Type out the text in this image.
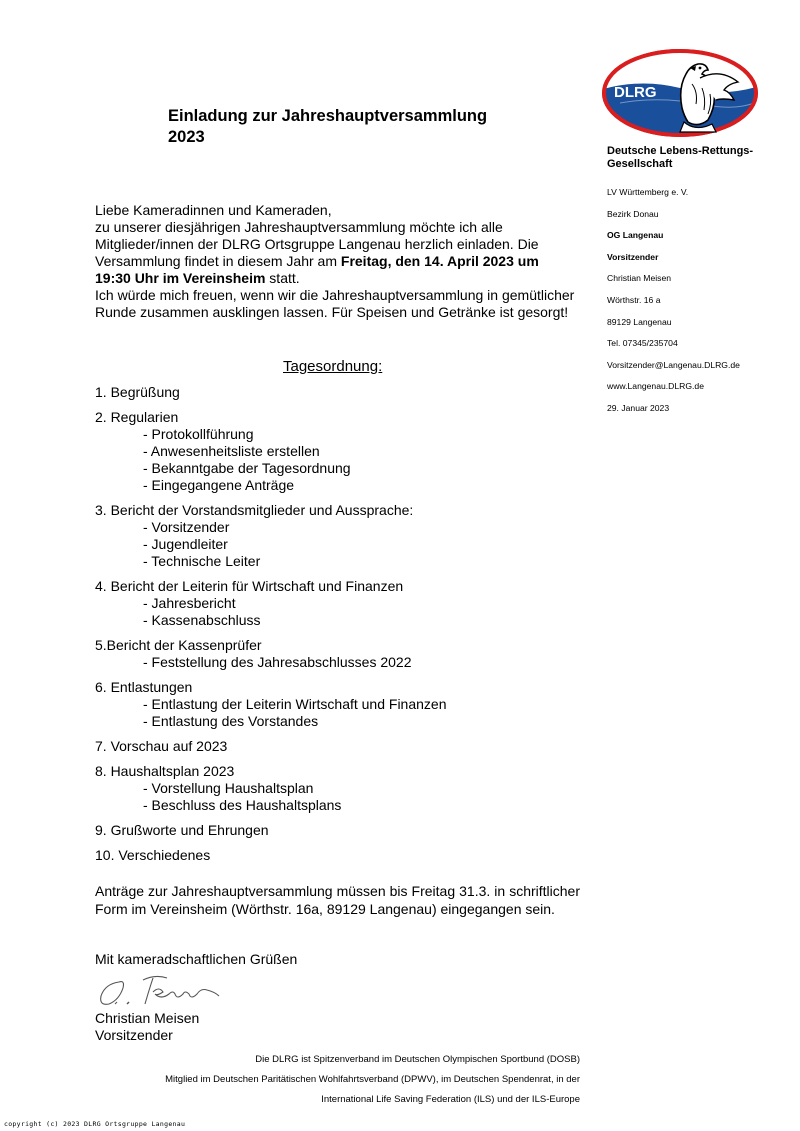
DLRG
Deutsche Lebens-Rettungs-
Gesellschaft
LV Württemberg e. V.
Bezirk Donau
OG Langenau
Vorsitzender
Christian Meisen
Wörthstr. 16 a
89129 Langenau
Tel. 07345/235704
Vorsitzender@Langenau.DLRG.de
www.Langenau.DLRG.de
29. Januar 2023
Einladung zur Jahreshauptversammlung
2023

Liebe Kameradinnen und Kameraden,

zu unserer diesjährigen Jahreshauptversammlung möchte ich alle Mitglieder/innen der DLRG Ortsgruppe Langenau herzlich einladen. Die Versammlung findet in diesem Jahr am Freitag, den 14. April 2023 um 19:30 Uhr im Vereinsheim statt.

Ich würde mich freuen, wenn wir die Jahreshauptversammlung in gemütlicher Runde zusammen ausklingen lassen. Für Speisen und Getränke ist gesorgt!

Tagesordnung:
1. Begrüßung
2. Regularien
- Protokollführung
- Anwesenheitsliste erstellen
- Bekanntgabe der Tagesordnung
- Eingegangene Anträge
3. Bericht der Vorstandsmitglieder und Aussprache:
- Vorsitzender
- Jugendleiter
- Technische Leiter
4. Bericht der Leiterin für Wirtschaft und Finanzen
- Jahresbericht
- Kassenabschluss
5.Bericht der Kassenprüfer
- Feststellung des Jahresabschlusses 2022
6. Entlastungen
- Entlastung der Leiterin Wirtschaft und Finanzen
- Entlastung des Vorstandes
7. Vorschau auf 2023
8. Haushaltsplan 2023
- Vorstellung Haushaltsplan
- Beschluss des Haushaltsplans
9. Grußworte und Ehrungen
10. Verschiedenes
Anträge zur Jahreshauptversammlung müssen bis Freitag 31.3. in schriftlicher Form im Vereinsheim (Wörthstr. 16a, 89129 Langenau) eingegangen sein.
Mit kameradschaftlichen Grüßen
Christian Meisen
Vorsitzender
Die DLRG ist Spitzenverband im Deutschen Olympischen Sportbund (DOSB)
Mitglied im Deutschen Paritätischen Wohlfahrtsverband (DPWV), im Deutschen Spendenrat, in der
International Life Saving Federation (ILS) und der ILS-Europe
copyright (c) 2023 DLRG Ortsgruppe Langenau
